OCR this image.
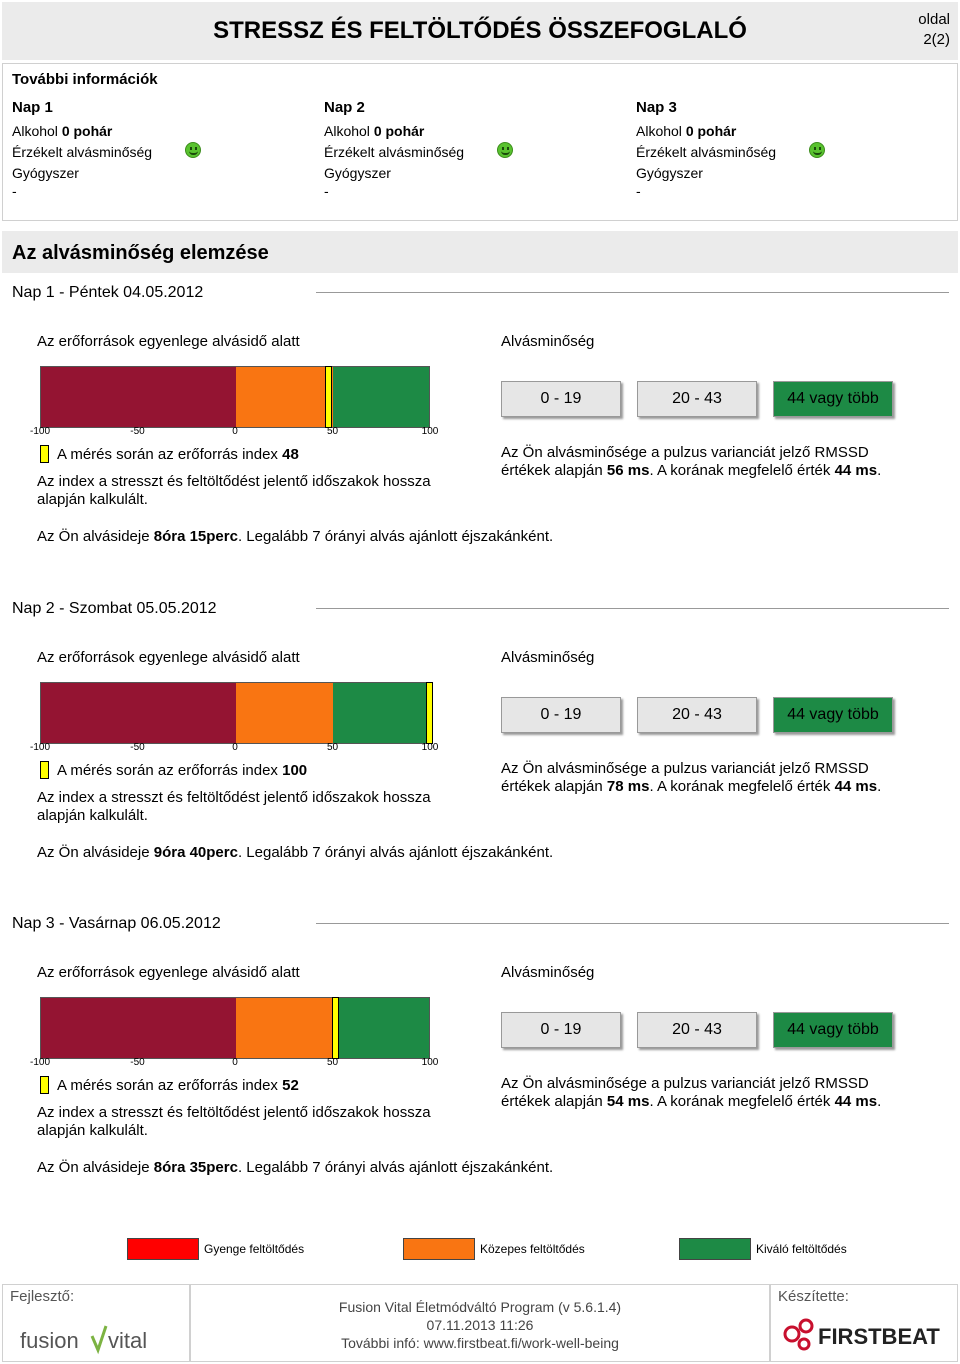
STRESSZ ÉS FELTÖLTŐDÉS ÖSSZEFOGLALÓ	oldal
2(2)
További információk
Nap 1
Alkohol 0 pohár
Érzékelt alvásminőség
Gyógyszer
-
Nap 2
Alkohol 0 pohár
Érzékelt alvásminőség
Gyógyszer
-
Nap 3
Alkohol 0 pohár
Érzékelt alvásminőség
Gyógyszer
-
Az alvásminőség elemzése
Nap 1 - Péntek 04.05.2012
Az erőforrások egyenlege alvásidő alatt	Alvásminőség
-100	-50	0	50	100
0 - 19	20 - 43	44 vagy több
A mérés során az erőforrás index 48
Az index a stresszt és feltöltődést jelentő időszakok hossza
alapján kalkulált.
Az Ön alvásminősége a pulzus varianciát jelző RMSSD
értékek alapján 56 ms. A korának megfelelő érték 44 ms.
Az Ön alvásideje 8óra 15perc. Legalább 7 órányi alvás ajánlott éjszakánként.
Nap 2 - Szombat 05.05.2012
Az erőforrások egyenlege alvásidő alatt	Alvásminőség
-100	-50	0	50	100
0 - 19	20 - 43	44 vagy több
A mérés során az erőforrás index 100
Az index a stresszt és feltöltődést jelentő időszakok hossza
alapján kalkulált.
Az Ön alvásminősége a pulzus varianciát jelző RMSSD
értékek alapján 78 ms. A korának megfelelő érték 44 ms.
Az Ön alvásideje 9óra 40perc. Legalább 7 órányi alvás ajánlott éjszakánként.
Nap 3 - Vasárnap 06.05.2012
Az erőforrások egyenlege alvásidő alatt	Alvásminőség
-100	-50	0	50	100
0 - 19	20 - 43	44 vagy több
A mérés során az erőforrás index 52
Az index a stresszt és feltöltődést jelentő időszakok hossza
alapján kalkulált.
Az Ön alvásminősége a pulzus varianciát jelző RMSSD
értékek alapján 54 ms. A korának megfelelő érték 44 ms.
Az Ön alvásideje 8óra 35perc. Legalább 7 órányi alvás ajánlott éjszakánként.
Gyenge feltöltődés	Közepes feltöltődés	Kiváló feltöltődés
Fejlesztő:
fusion vital
Fusion Vital Életmódváltó Program (v 5.6.1.4)
07.11.2013 11:26
További infó: www.firstbeat.fi/work-well-being
Készítette:
FIRSTBEAT
